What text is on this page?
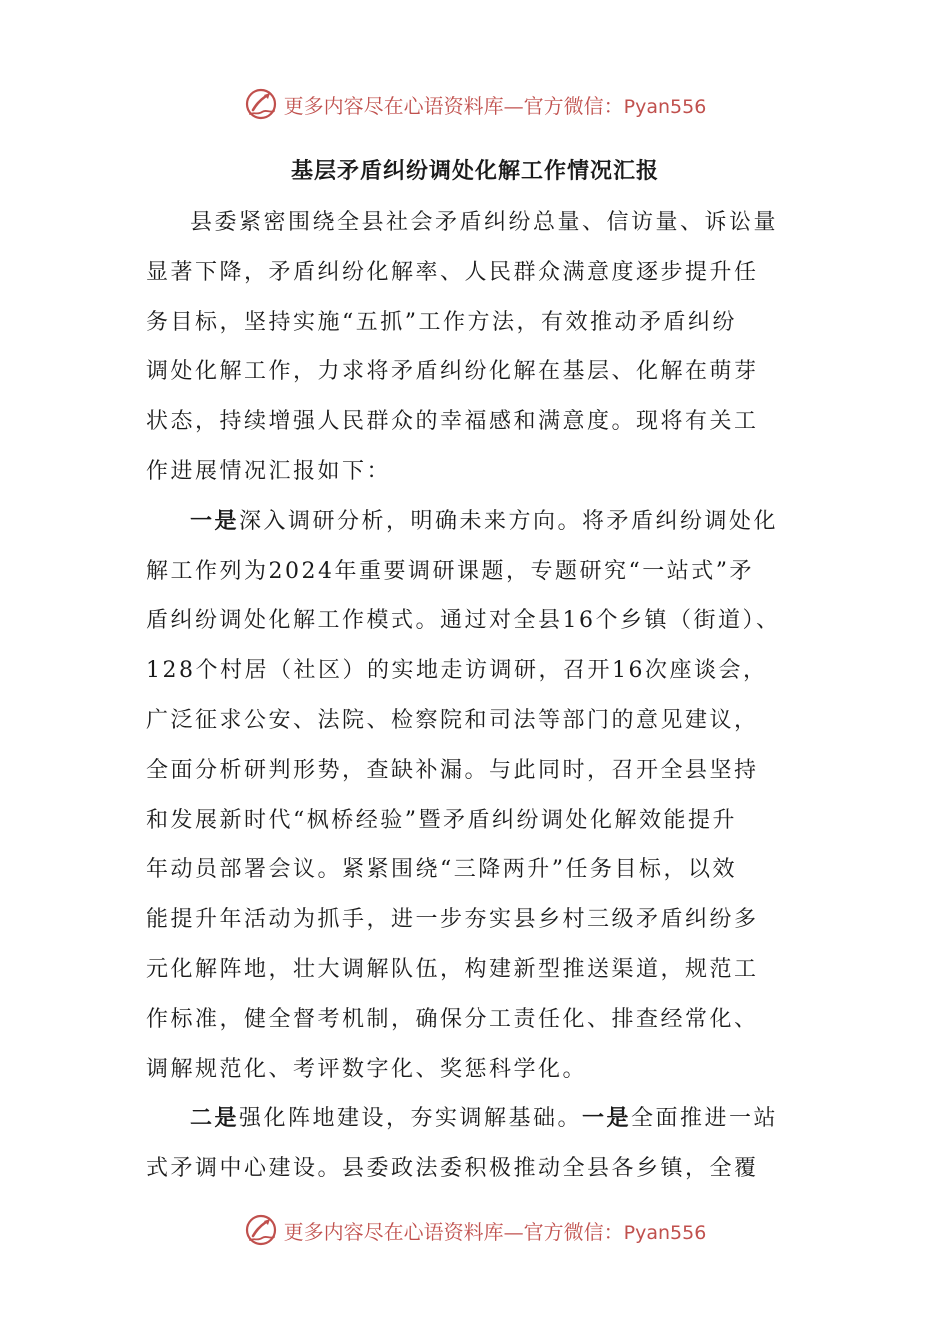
更多内容尽在心语资料库—官方微信：Pyan556
基层矛盾纠纷调处化解工作情况汇报
县委紧密围绕全县社会矛盾纠纷总量、信访量、诉讼量
显著下降，矛盾纠纷化解率、人民群众满意度逐步提升任
务目标，坚持实施“五抓”工作方法，有效推动矛盾纠纷
调处化解工作，力求将矛盾纠纷化解在基层、化解在萌芽
状态，持续增强人民群众的幸福感和满意度。现将有关工
作进展情况汇报如下：
一是深入调研分析，明确未来方向。将矛盾纠纷调处化
解工作列为2024年重要调研课题，专题研究“一站式”矛
盾纠纷调处化解工作模式。通过对全县16个乡镇（街道）、
128个村居（社区）的实地走访调研，召开16次座谈会，
广泛征求公安、法院、检察院和司法等部门的意见建议，
全面分析研判形势，查缺补漏。与此同时，召开全县坚持
和发展新时代“枫桥经验”暨矛盾纠纷调处化解效能提升
年动员部署会议。紧紧围绕“三降两升”任务目标，以效
能提升年活动为抓手，进一步夯实县乡村三级矛盾纠纷多
元化解阵地，壮大调解队伍，构建新型推送渠道，规范工
作标准，健全督考机制，确保分工责任化、排查经常化、
调解规范化、考评数字化、奖惩科学化。
二是强化阵地建设，夯实调解基础。一是全面推进一站
式矛调中心建设。县委政法委积极推动全县各乡镇，全覆
更多内容尽在心语资料库—官方微信：Pyan556
